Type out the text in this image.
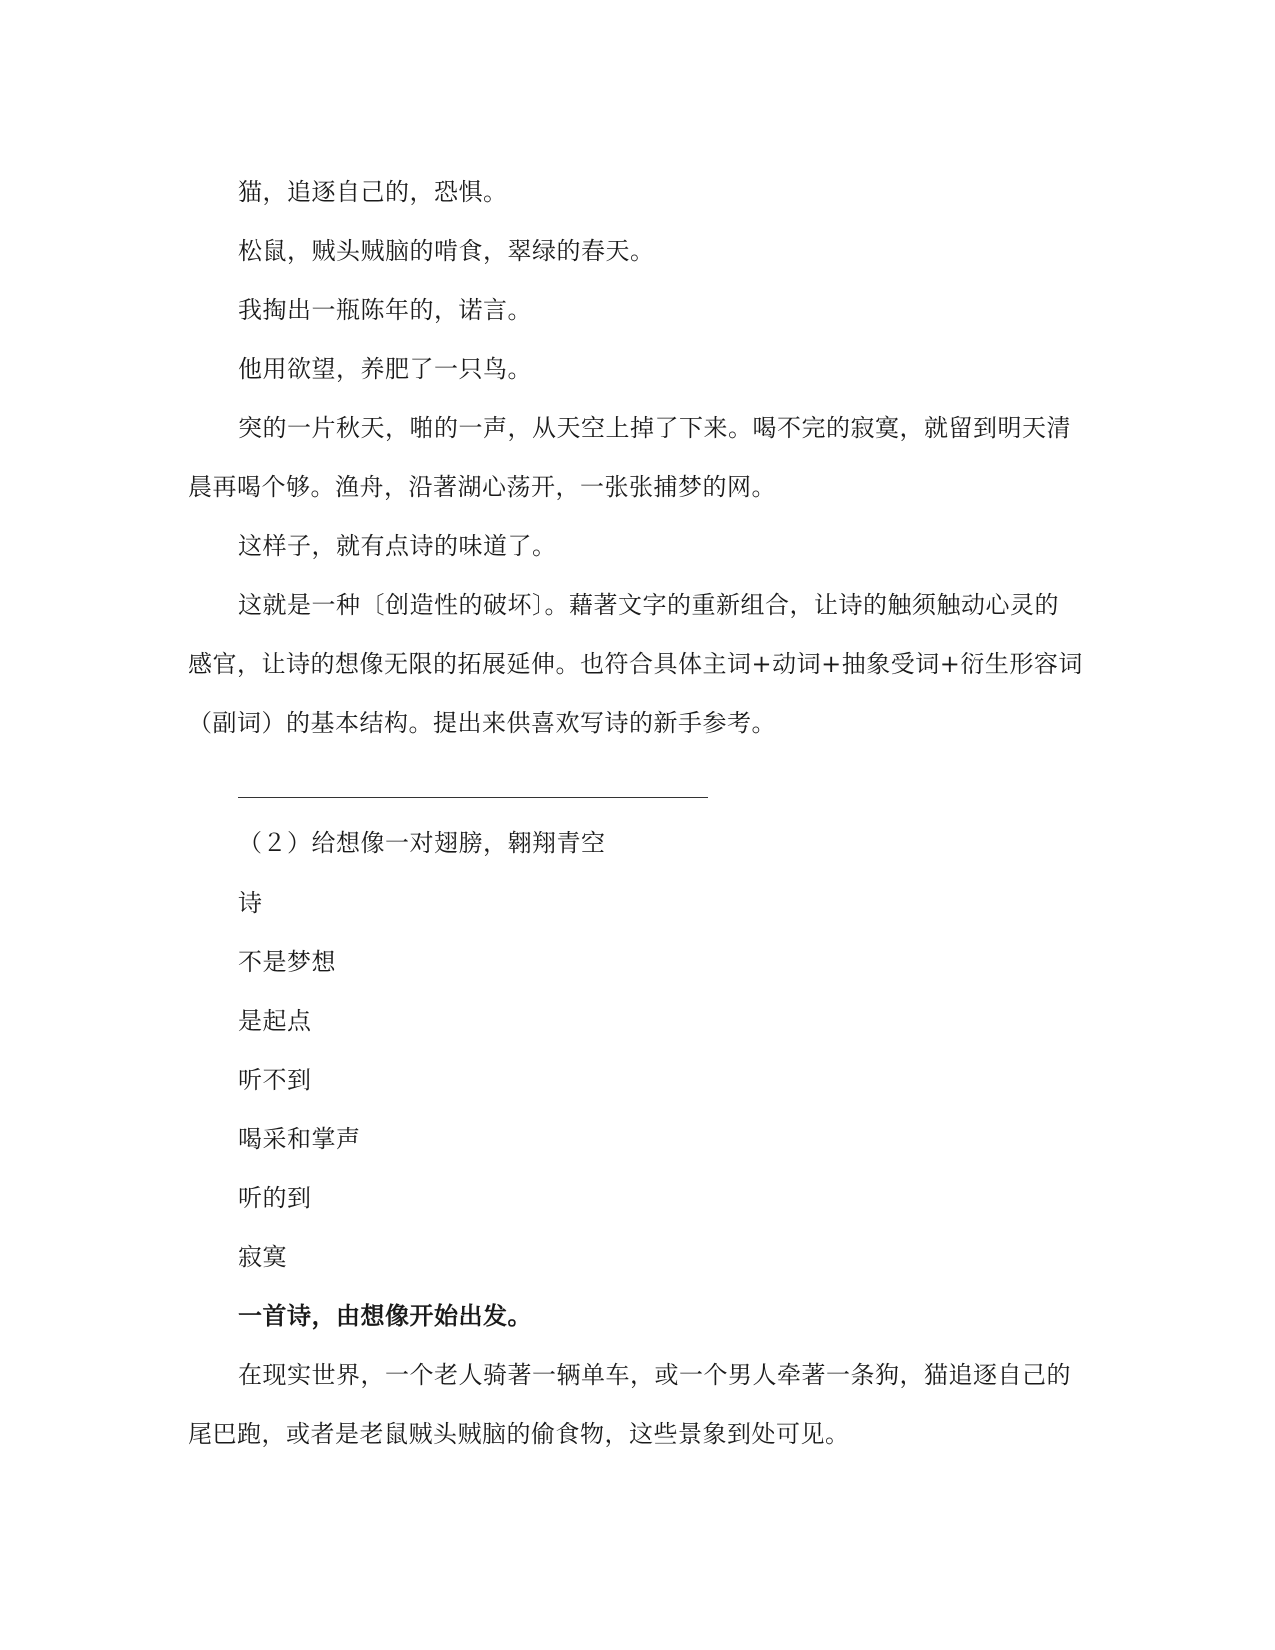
猫，追逐自己的，恐惧。
松鼠，贼头贼脑的啃食，翠绿的春天。
我掏出一瓶陈年的，诺言。
他用欲望，养肥了一只鸟。
突的一片秋天，啪的一声，从天空上掉了下来。喝不完的寂寞，就留到明天清
晨再喝个够。渔舟，沿著湖心荡开，一张张捕梦的网。
这样子，就有点诗的味道了。
这就是一种〔创造性的破坏〕。藉著文字的重新组合，让诗的触须触动心灵的
感官，让诗的想像无限的拓展延伸。也符合具体主词+动词+抽象受词+衍生形容词
（副词）的基本结构。提出来供喜欢写诗的新手参考。
（２）给想像一对翅膀，翱翔青空
诗
不是梦想
是起点
听不到
喝采和掌声
听的到
寂寞
一首诗，由想像开始出发。
在现实世界，一个老人骑著一辆单车，或一个男人牵著一条狗，猫追逐自己的
尾巴跑，或者是老鼠贼头贼脑的偷食物，这些景象到处可见。
